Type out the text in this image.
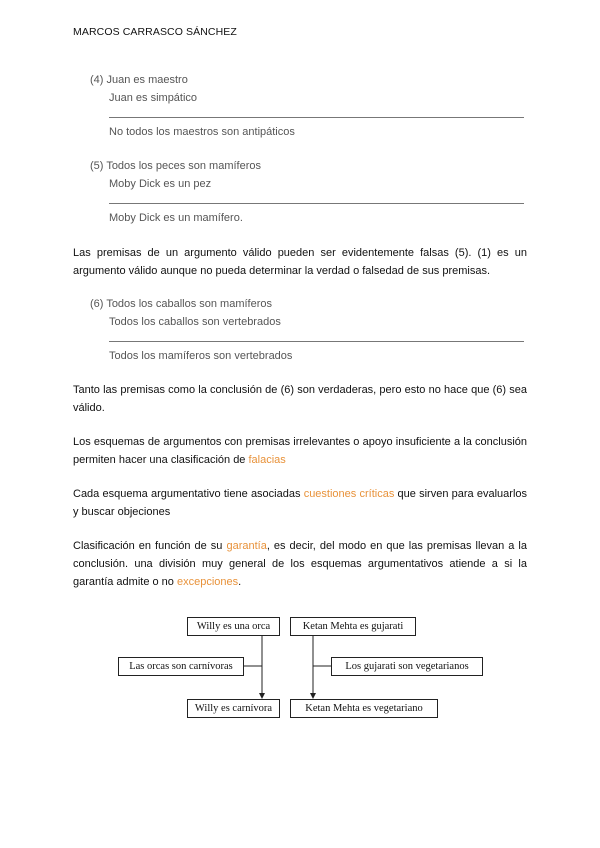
MARCOS CARRASCO SÁNCHEZ
(4) Juan es maestro
Juan es simpático
No todos los maestros son antipáticos
(5) Todos los peces son mamíferos
Moby Dick es un pez
Moby Dick es un mamífero.
Las premisas de un argumento válido pueden ser evidentemente falsas (5). (1) es un argumento válido aunque no pueda determinar la verdad o falsedad de sus premisas.
(6) Todos los caballos son mamíferos
Todos los caballos son vertebrados
Todos los mamíferos son vertebrados
Tanto las premisas como la conclusión de (6) son verdaderas, pero esto no hace que (6) sea válido.
Los esquemas de argumentos con premisas irrelevantes o apoyo insuficiente a la conclusión permiten hacer una clasificación de falacias
Cada esquema argumentativo tiene asociadas cuestiones críticas que sirven para evaluarlos y buscar objeciones
Clasificación en función de su garantía, es decir, del modo en que las premisas llevan a la conclusión. una división muy general de los esquemas argumentativos atiende a si la garantía admite o no excepciones.
Willy es una orca	Ketan Mehta es gujarati
Las orcas son carnívoras	Los gujarati son vegetarianos
Willy es carnívora	Ketan Mehta es vegetariano
